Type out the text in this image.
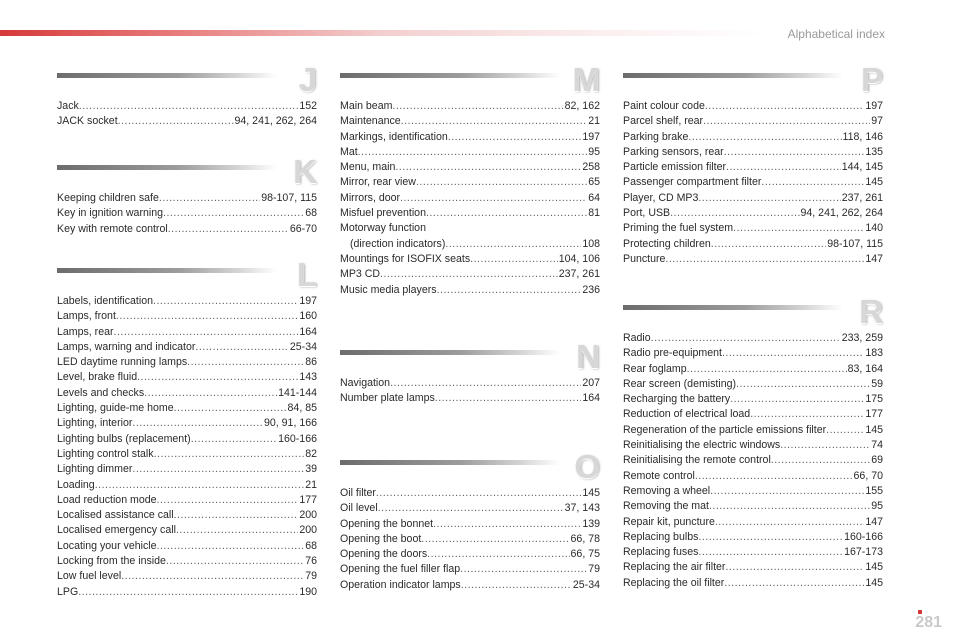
Alphabetical index
J
Jack .....	152
JACK socket .....	94, 241, 262, 264
K
Keeping children safe .....	98-107, 115
Key in ignition warning .....	68
Key with remote control .....	66-70
L
Labels, identification .....	197
Lamps, front .....	160
Lamps, rear .....	164
Lamps, warning and indicator .....	25-34
LED daytime running lamps .....	86
Level, brake fluid .....	143
Levels and checks .....	141-144
Lighting, guide-me home .....	84, 85
Lighting, interior .....	90, 91, 166
Lighting bulbs (replacement) .....	160-166
Lighting control stalk .....	82
Lighting dimmer .....	39
Loading .....	21
Load reduction mode .....	177
Localised assistance call .....	200
Localised emergency call .....	200
Locating your vehicle .....	68
Locking from the inside .....	76
Low fuel level .....	79
LPG .....	190
M
Main beam .....	82, 162
Maintenance .....	21
Markings, identification .....	197
Mat .....	95
Menu, main .....	258
Mirror, rear view .....	65
Mirrors, door .....	64
Misfuel prevention .....	81
Motorway function
(direction indicators) .....	108
Mountings for ISOFIX seats .....	104, 106
MP3 CD .....	237, 261
Music media players .....	236
N
Navigation .....	207
Number plate lamps .....	164
O
Oil filter .....	145
Oil level .....	37, 143
Opening the bonnet .....	139
Opening the boot .....	66, 78
Opening the doors .....	66, 75
Opening the fuel filler flap .....	79
Operation indicator lamps .....	25-34
P
Paint colour code .....	197
Parcel shelf, rear .....	97
Parking brake .....	118, 146
Parking sensors, rear .....	135
Particle emission filter .....	144, 145
Passenger compartment filter .....	145
Player, CD MP3 .....	237, 261
Port, USB .....	94, 241, 262, 264
Priming the fuel system .....	140
Protecting children .....	98-107, 115
Puncture .....	147
R
Radio .....	233, 259
Radio pre-equipment .....	183
Rear foglamp .....	83, 164
Rear screen (demisting) .....	59
Recharging the battery .....	175
Reduction of electrical load .....	177
Regeneration of the particle emissions filter .....	145
Reinitialising the electric windows .....	74
Reinitialising the remote control .....	69
Remote control .....	66, 70
Removing a wheel .....	155
Removing the mat .....	95
Repair kit, puncture .....	147
Replacing bulbs .....	160-166
Replacing fuses .....	167-173
Replacing the air filter .....	145
Replacing the oil filter .....	145
281
